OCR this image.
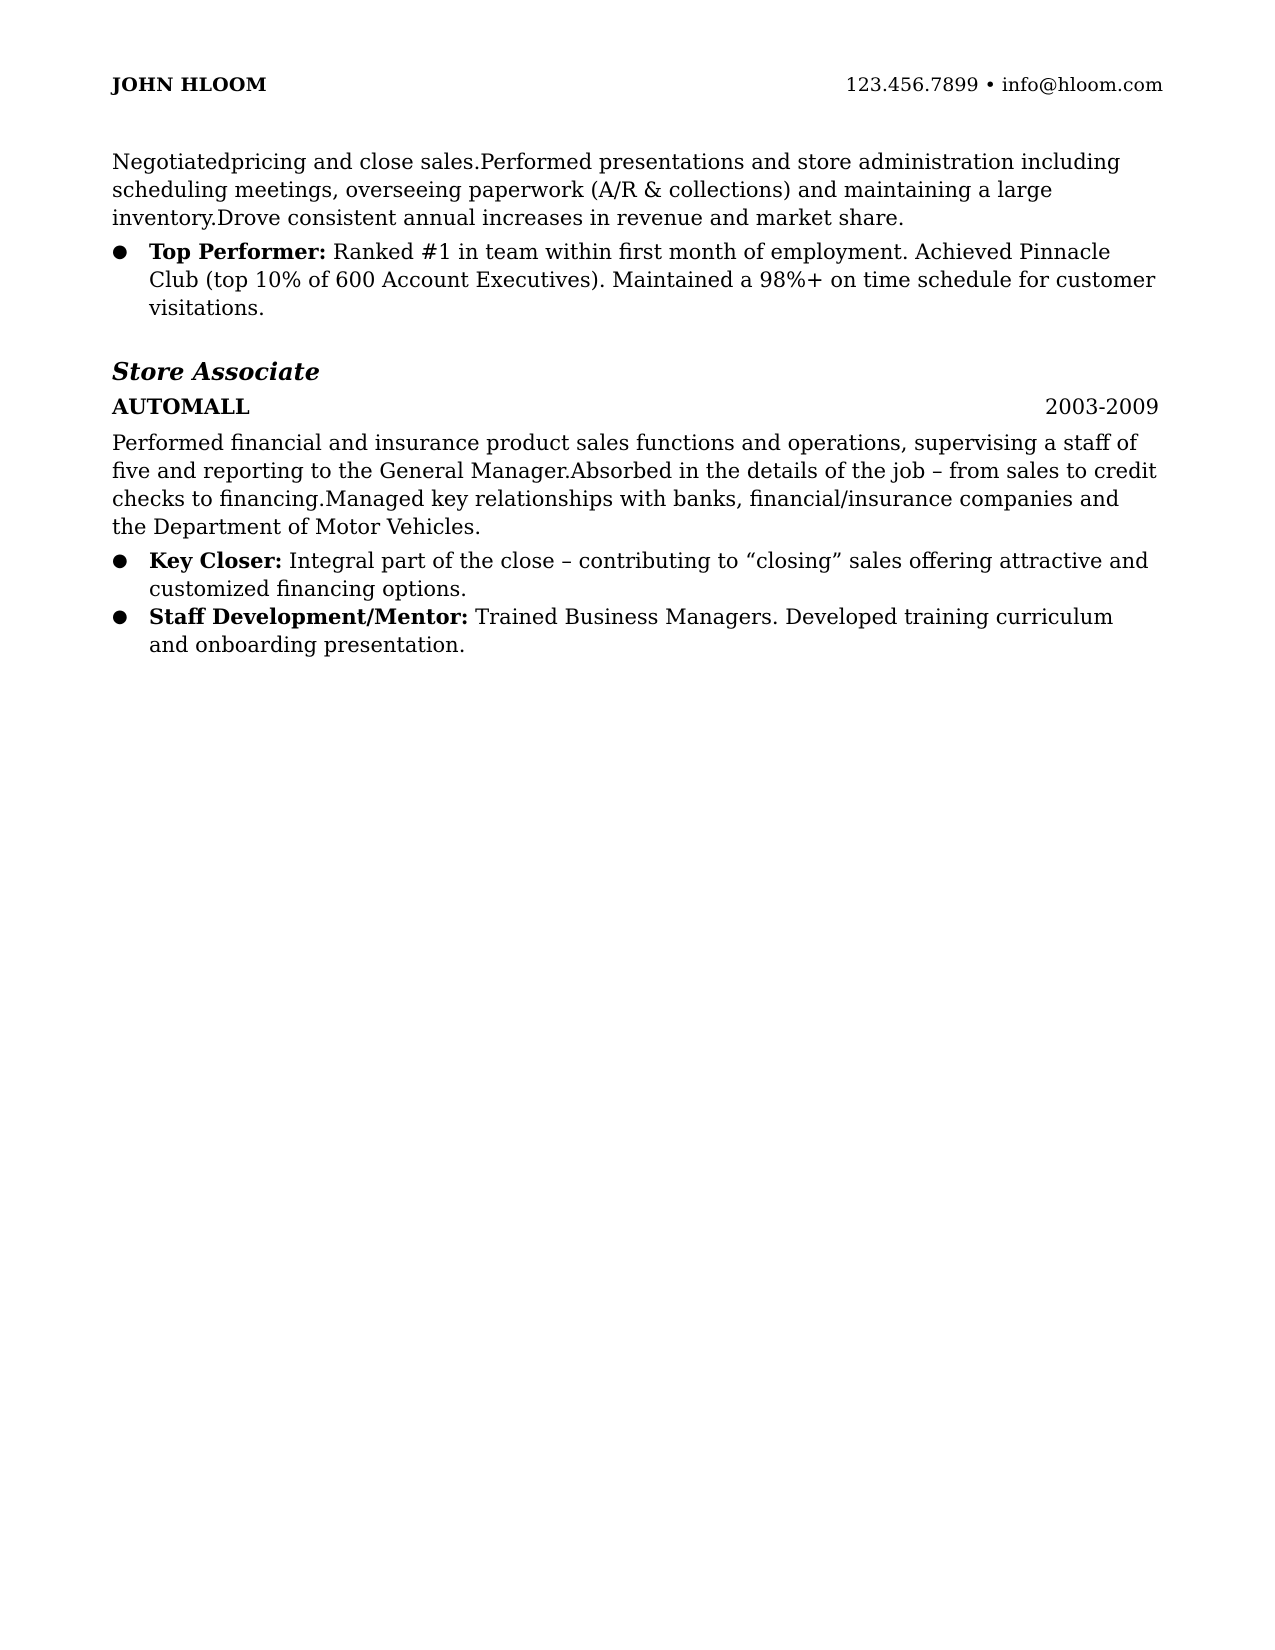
JOHN HLOOM	123.456.7899 • info@hloom.com

Negotiatedpricing and close sales.Performed presentations and store administration including scheduling meetings, overseeing paperwork (A/R & collections) and maintaining a large inventory.Drove consistent annual increases in revenue and market share.

● Top Performer: Ranked #1 in team within first month of employment. Achieved Pinnacle Club (top 10% of 600 Account Executives). Maintained a 98%+ on time schedule for customer visitations.
Store Associate
AUTOMALL	2003-2009

Performed financial and insurance product sales functions and operations, supervising a staff of five and reporting to the General Manager.Absorbed in the details of the job – from sales to credit checks to financing.Managed key relationships with banks, financial/insurance companies and the Department of Motor Vehicles.

● Key Closer: Integral part of the close – contributing to “closing” sales offering attractive and customized financing options.
● Staff Development/Mentor: Trained Business Managers. Developed training curriculum and onboarding presentation.
